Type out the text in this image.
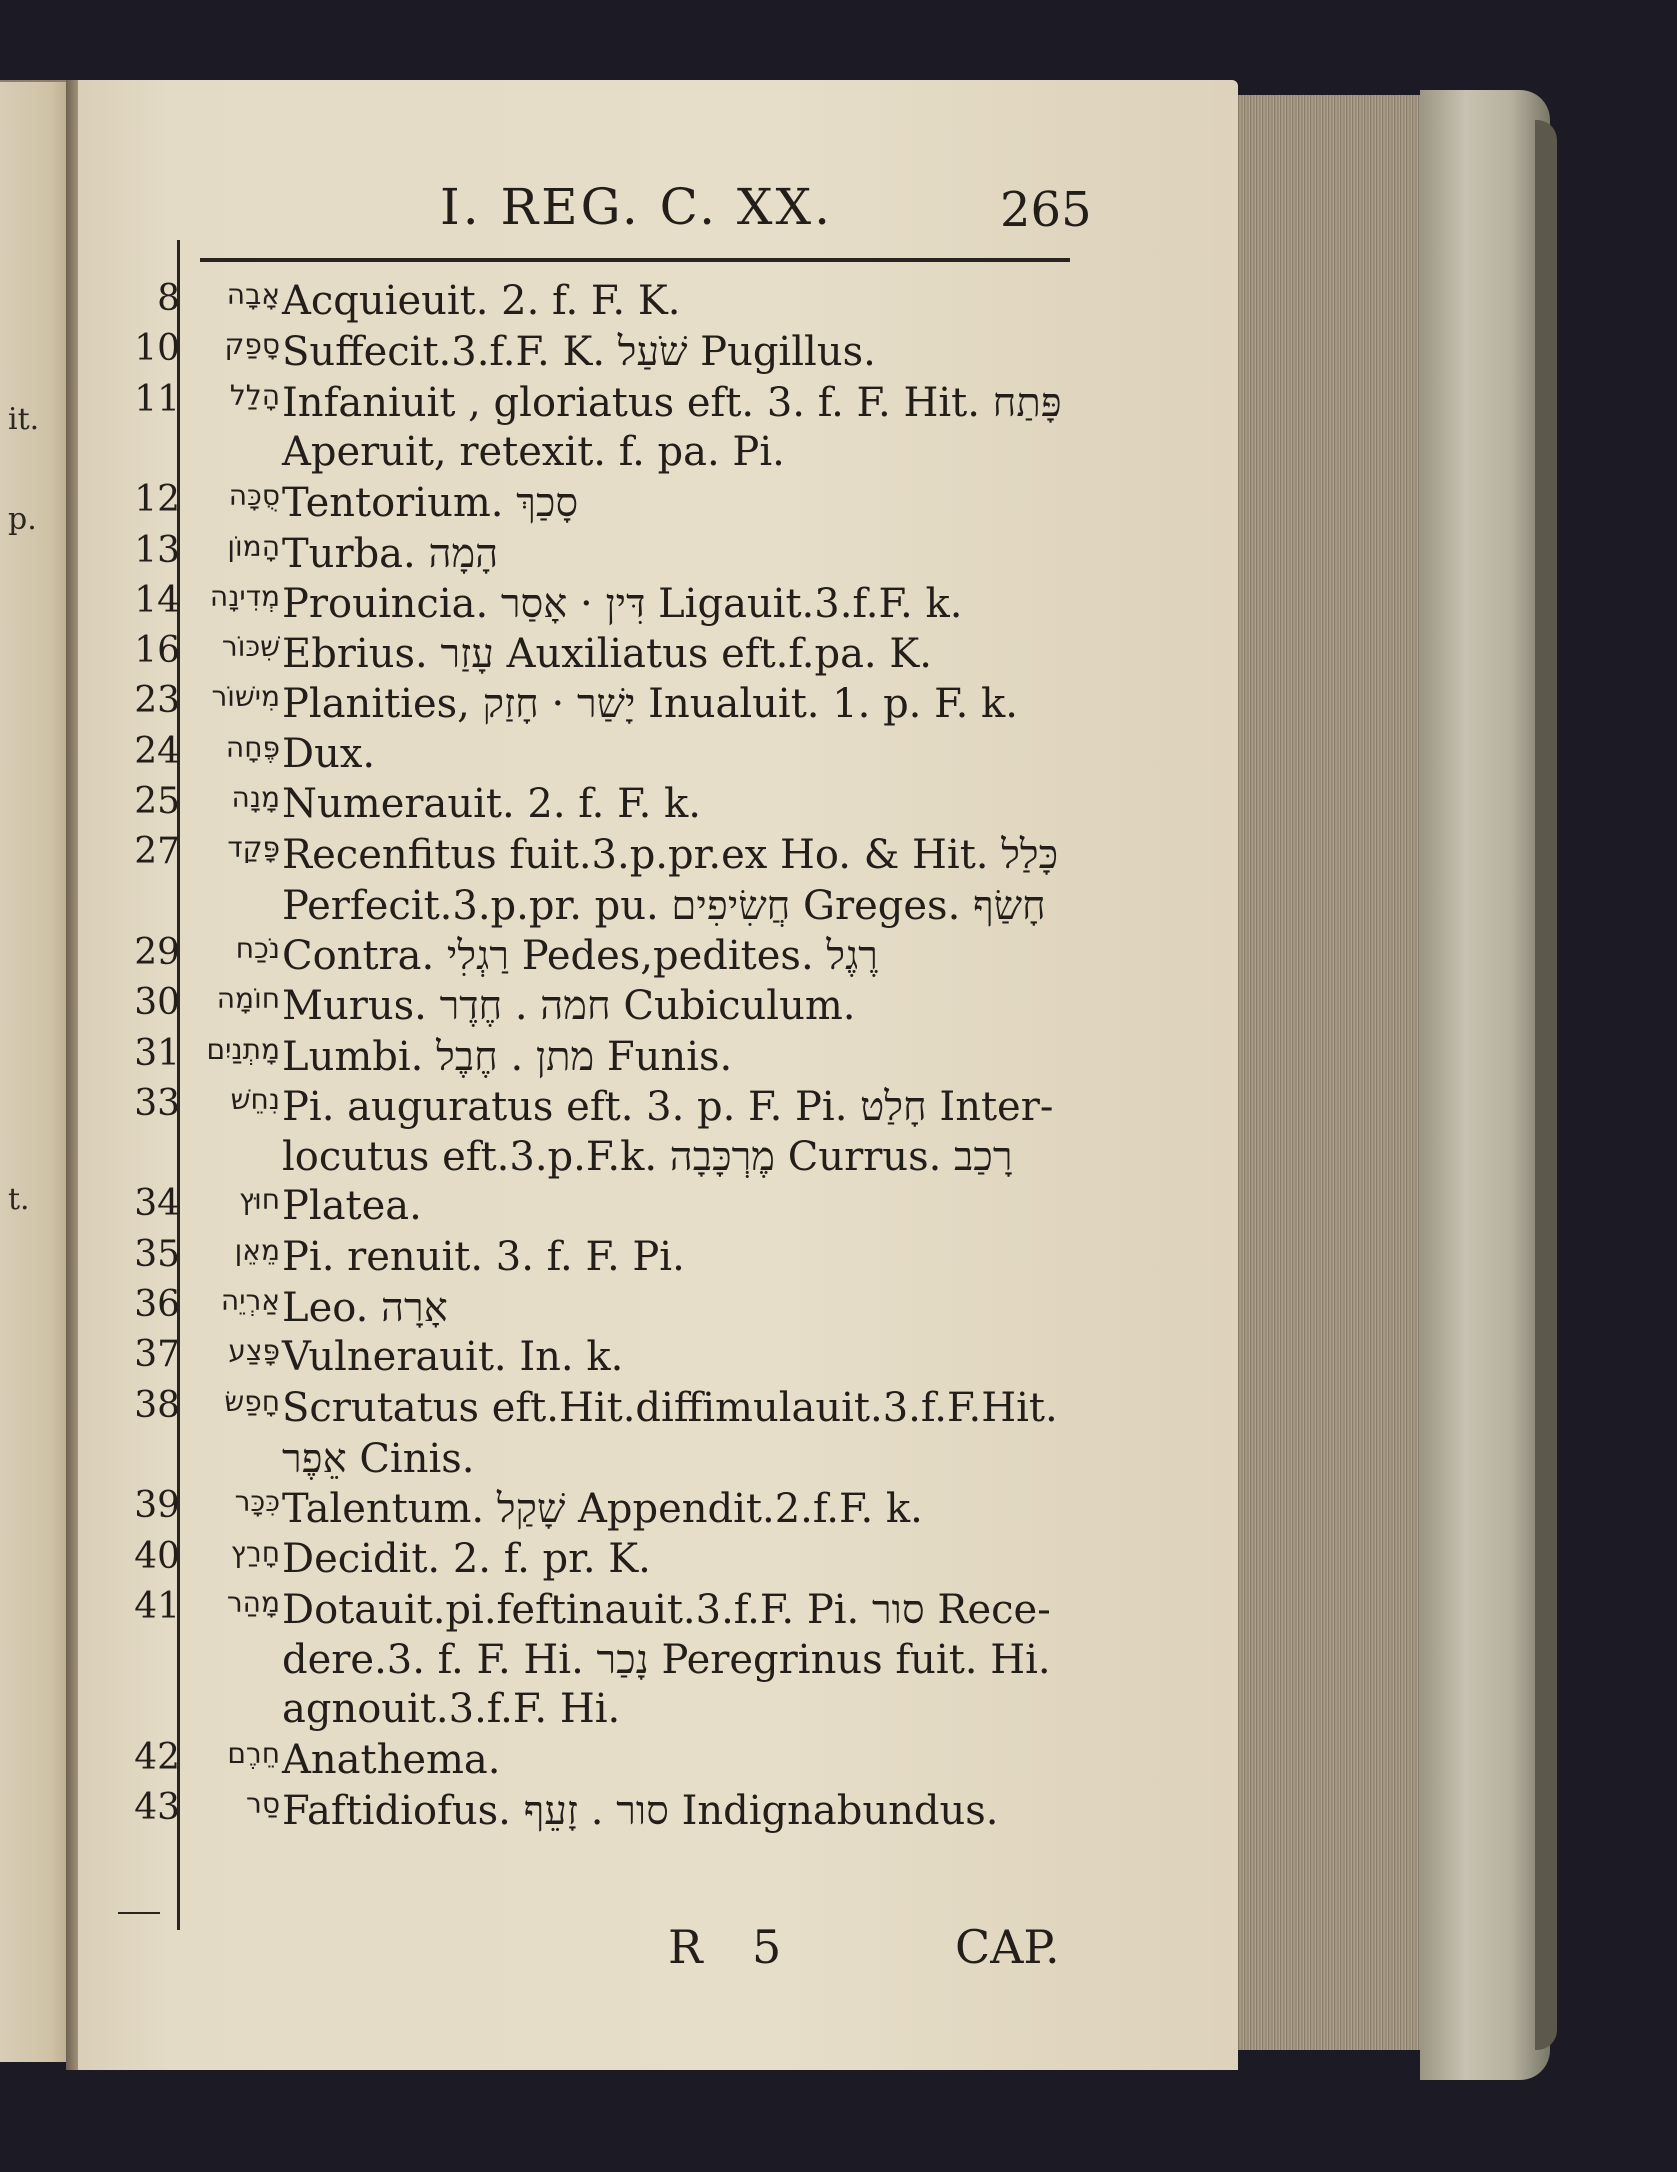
it.
p.
t.
I. REG. C. XX.	265
8	אָבָה Acquieuit. 2. f. F. K.
10	סָפַק Suffecit.3.f.F. K. שֹׁעַל Pugillus.
11	הָלַל Infaniuit , gloriatus eft. 3. f. F. Hit. פָּתַח
Aperuit, retexit. f. pa. Pi.
12	סֻכָּה Tentorium. סָכַךְ
13	הָמוֹן Turba. הָמָה
14	מְדִינָה Prouincia. דִּין · אָסַר Ligauit.3.f.F. k.
16	שִׁכּוֹר Ebrius. עָזַר Auxiliatus eft.f.pa. K.
23	מִישׁוֹר Planities, יָשַׁר · חָזַק Inualuit. 1. p. F. k.
24	פֶּחָה Dux.
25	מָנָה Numerauit. 2. f. F. k.
27	פָּקַד Recenfitus fuit.3.p.pr.ex Ho. & Hit. כָּלַל
Perfecit.3.p.pr. pu. חֲשִׂיפִים Greges. חָשַׂף
29	נֹכַח Contra. רַגְלִי Pedes,pedites. רֶגֶל
30	חוֹמָה Murus. חמה . חֶדֶר Cubiculum.
31 מָתְנַיִם Lumbi. מתן . חֶבֶל Funis.
33	נִחֵשׁ Pi. auguratus eft. 3. p. F. Pi. חָלַט Inter-
locutus eft.3.p.F.k. מֶרְכָּבָה Currus. רָכַב
34	חוּץ Platea.
35	מֵאֵן Pi. renuit. 3. f. F. Pi.
36	אַרְיֵה Leo. אָרָה
37	פָּצַע Vulnerauit. In. k.
38	חָפַשׂ Scrutatus eft.Hit.diffimulauit.3.f.F.Hit.
אֵפֶר Cinis.
39	כִּכָּר Talentum. שָׁקַל Appendit.2.f.F. k.
40	חָרַץ Decidit. 2. f. pr. K.
41	מָהַר Dotauit.pi.feftinauit.3.f.F. Pi. סור Rece-
dere.3. f. F. Hi. נָכַר Peregrinus fuit. Hi.
agnouit.3.f.F. Hi.
42	חֵרֶם Anathema.
43	סַר Faftidiofus. סור . זָעֵף Indignabundus.
R 5	CAP.
